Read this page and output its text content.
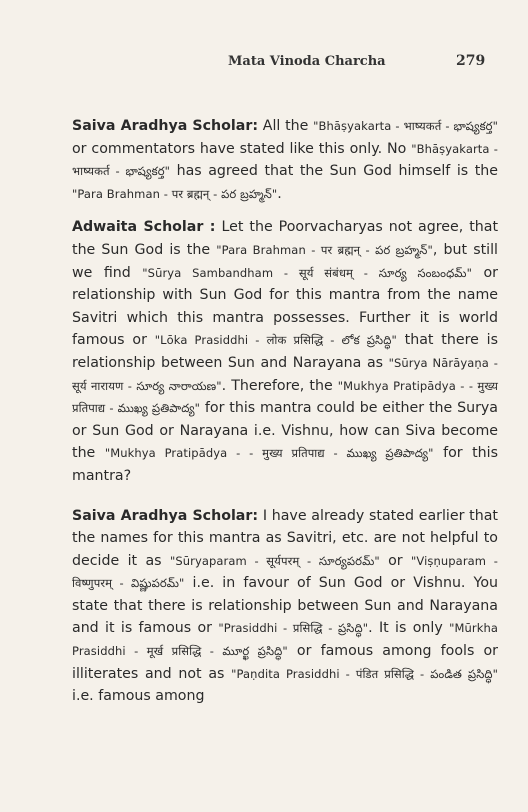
Mata Vinoda Charcha	279

Saiva Aradhya Scholar: All the "Bhāṣyakarta - भाष्यकर्त - భాష్యకర్త" or commentators have stated like this only. No "Bhāṣyakarta - भाष्यकर्त - భాష్యకర్త" has agreed that the Sun God himself is the "Para Brahman - पर ब्रह्मन् - పర బ్రహ్మన్".

Adwaita Scholar : Let the Poorvacharyas not agree, that the Sun God is the "Para Brahman - पर ब्रह्मन् - పర బ్రహ్మన్", but still we find "Sūrya Sambandham - सूर्य संबंधम् - సూర్య సంబంధమ్" or relationship with Sun God for this mantra from the name Savitri which this mantra possesses. Further it is world famous or "Lōka Prasiddhi - लोक प्रसिद्धि - లోక ప్రసిద్ధి" that there is relationship between Sun and Narayana as "Sūrya Nārāyaṇa - सूर्य नारायण - సూర్య నారాయణ". Therefore, the "Mukhya Pratipādya - - मुख्य प्रतिपाद्य - ముఖ్య ప్రతిపాద్య" for this mantra could be either the Surya or Sun God or Narayana i.e. Vishnu, how can Siva become the "Mukhya Pratipādya - - मुख्य प्रतिपाद्य - ముఖ్య ప్రతిపాద్య" for this mantra?

Saiva Aradhya Scholar: I have already stated earlier that the names for this mantra as Savitri, etc. are not helpful to decide it as "Sūryaparam - सूर्यपरम् - సూర్యపరమ్" or "Viṣṇuparam - विष्णुपरम् - విష్ణుపరమ్" i.e. in favour of Sun God or Vishnu. You state that there is relationship between Sun and Narayana and it is famous or "Prasiddhi - प्रसिद्धि - ప్రసిద్ధి". It is only "Mūrkha Prasiddhi - मूर्ख प्रसिद्धि - మూర్ఖ ప్రసిద్ధి" or famous among fools or illiterates and not as "Paṇdita Prasiddhi - पंडित प्रसिद्धि - పండిత ప్రసిద్ధి" i.e. famous among
